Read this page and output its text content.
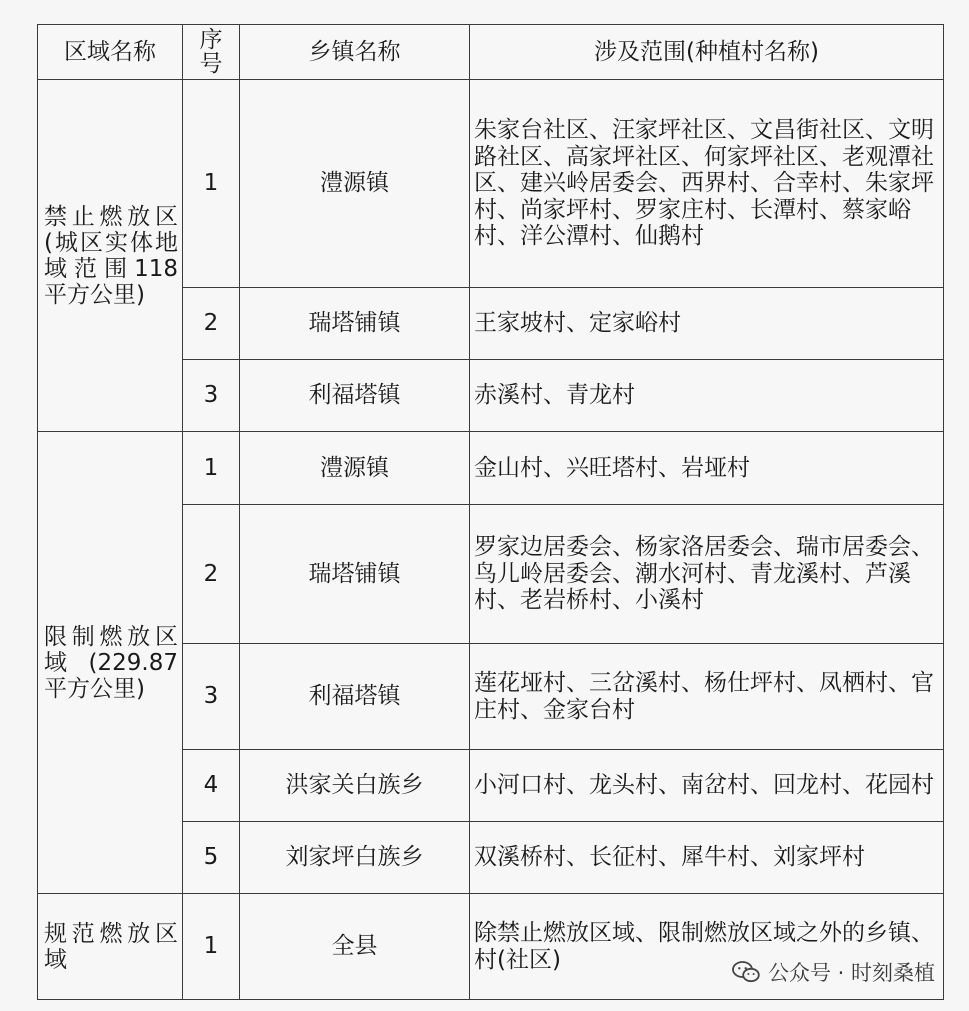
区域名称	序号	乡镇名称	涉及范围(种植村名称)
禁止燃放区(城区实体地域范围118平方公里)	1	澧源镇	朱家台社区、汪家坪社区、文昌街社区、文明路社区、高家坪社区、何家坪社区、老观潭社区、建兴岭居委会、西界村、合幸村、朱家坪村、尚家坪村、罗家庄村、长潭村、蔡家峪村、洋公潭村、仙鹅村
	2	瑞塔铺镇	王家坡村、定家峪村
	3	利福塔镇	赤溪村、青龙村
限制燃放区域(229.87平方公里)	1	澧源镇	金山村、兴旺塔村、岩垭村
	2	瑞塔铺镇	罗家边居委会、杨家洛居委会、瑞市居委会、鸟儿岭居委会、潮水河村、青龙溪村、芦溪村、老岩桥村、小溪村
	3	利福塔镇	莲花垭村、三岔溪村、杨仕坪村、凤栖村、官庄村、金家台村
	4	洪家关白族乡	小河口村、龙头村、南岔村、回龙村、花园村
	5	刘家坪白族乡	双溪桥村、长征村、犀牛村、刘家坪村
规范燃放区域	1	全县	除禁止燃放区域、限制燃放区域之外的乡镇、村(社区)
公众号 · 时刻桑植
